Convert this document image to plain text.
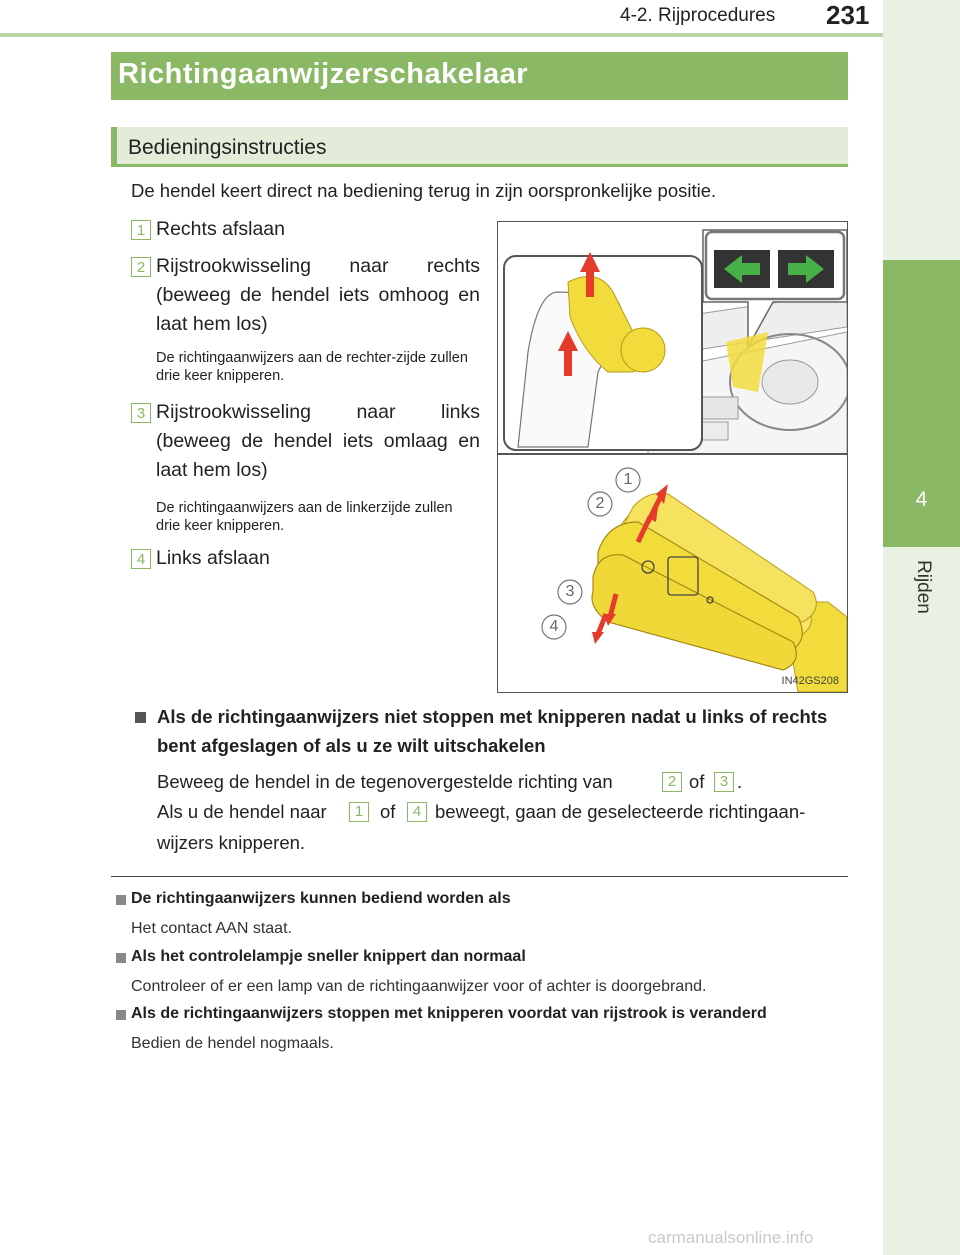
4-2. Rijprocedures 231
4
Rijden
Richtingaanwijzerschakelaar
Bedieningsinstructies
De hendel keert direct na bediening terug in zijn oorspronkelijke positie.
1 Rechts afslaan
2 Rijstrookwisseling naar rechts (beweeg de hendel iets omhoog en laat hem los)
De richtingaanwijzers aan de rechter-zijde zullen drie keer knipperen.
3 Rijstrookwisseling naar links (beweeg de hendel iets omlaag en laat hem los)
De richtingaanwijzers aan de linkerzijde zullen drie keer knipperen.
4 Links afslaan
1
2
3
4
IN42GS208
Als de richtingaanwijzers niet stoppen met knipperen nadat u links of rechts
bent afgeslagen of als u ze wilt uitschakelen
Beweeg de hendel in de tegenovergestelde richting van	2 of	3 .
Als u de hendel naar	1 of	4 beweegt, gaan de geselecteerde richtingaan-
wijzers knipperen.
De richtingaanwijzers kunnen bediend worden als
Het contact AAN staat.
Als het controlelampje sneller knippert dan normaal
Controleer of er een lamp van de richtingaanwijzer voor of achter is doorgebrand.
Als de richtingaanwijzers stoppen met knipperen voordat van rijstrook is veranderd
Bedien de hendel nogmaals.
carmanualsonline.info
